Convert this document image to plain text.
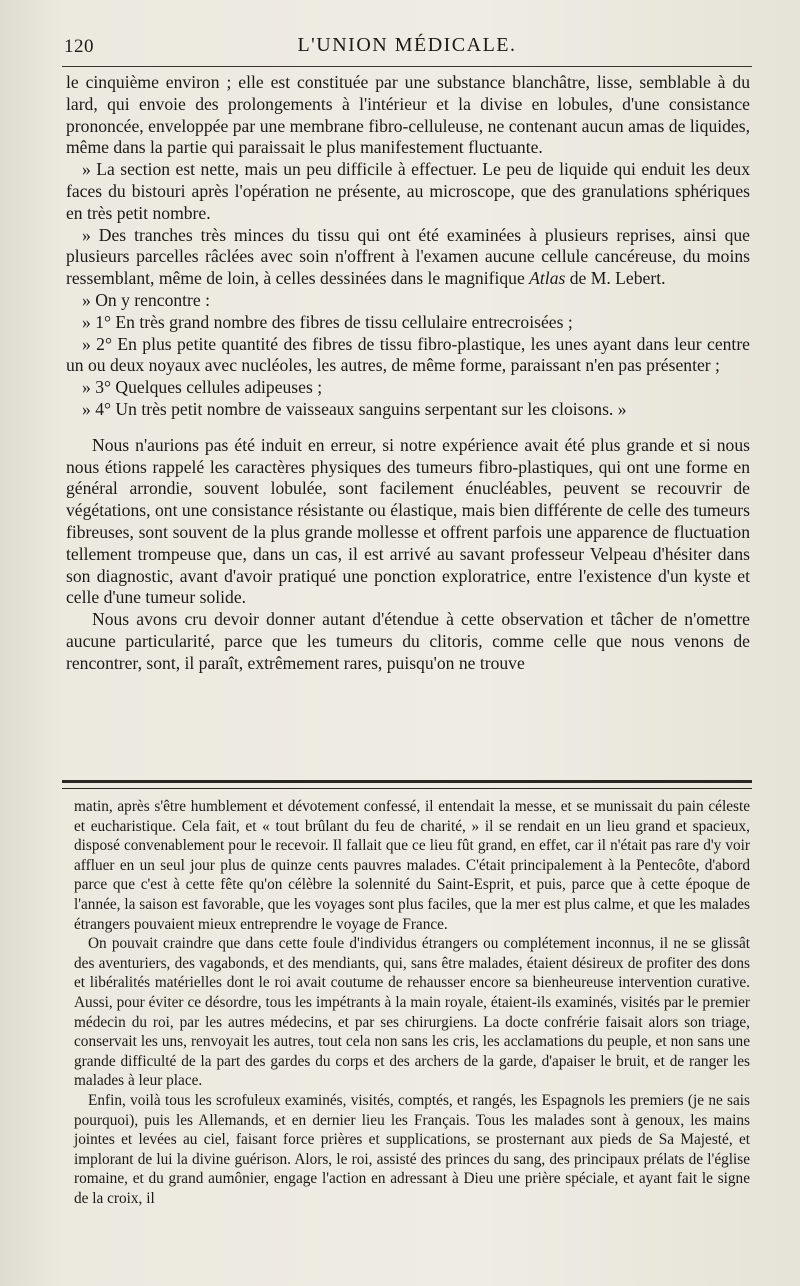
120	L'UNION MÉDICALE.

le cinquième environ ; elle est constituée par une substance blanchâtre, lisse, semblable à du lard, qui envoie des prolongements à l'intérieur et la divise en lobules, d'une consistance prononcée, enveloppée par une membrane fibro-celluleuse, ne contenant aucun amas de liquides, même dans la partie qui paraissait le plus manifestement fluctuante.

» La section est nette, mais un peu difficile à effectuer. Le peu de liquide qui enduit les deux faces du bistouri après l'opération ne présente, au microscope, que des granulations sphériques en très petit nombre.

» Des tranches très minces du tissu qui ont été examinées à plusieurs reprises, ainsi que plusieurs parcelles râclées avec soin n'offrent à l'examen aucune cellule cancéreuse, du moins ressemblant, même de loin, à celles dessinées dans le magnifique Atlas de M. Lebert.

» On y rencontre :

» 1° En très grand nombre des fibres de tissu cellulaire entrecroisées ;

» 2° En plus petite quantité des fibres de tissu fibro-plastique, les unes ayant dans leur centre un ou deux noyaux avec nucléoles, les autres, de même forme, paraissant n'en pas présenter ;

» 3° Quelques cellules adipeuses ;

» 4° Un très petit nombre de vaisseaux sanguins serpentant sur les cloisons. »

Nous n'aurions pas été induit en erreur, si notre expérience avait été plus grande et si nous nous étions rappelé les caractères physiques des tumeurs fibro-plastiques, qui ont une forme en général arrondie, souvent lobulée, sont facilement énucléables, peuvent se recouvrir de végétations, ont une consistance résistante ou élastique, mais bien différente de celle des tumeurs fibreuses, sont souvent de la plus grande mollesse et offrent parfois une apparence de fluctuation tellement trompeuse que, dans un cas, il est arrivé au savant professeur Velpeau d'hésiter dans son diagnostic, avant d'avoir pratiqué une ponction exploratrice, entre l'existence d'un kyste et celle d'une tumeur solide.

Nous avons cru devoir donner autant d'étendue à cette observation et tâcher de n'omettre aucune particularité, parce que les tumeurs du clitoris, comme celle que nous venons de rencontrer, sont, il paraît, extrêmement rares, puisqu'on ne trouve

matin, après s'être humblement et dévotement confessé, il entendait la messe, et se munissait du pain céleste et eucharistique. Cela fait, et « tout brûlant du feu de charité, » il se rendait en un lieu grand et spacieux, disposé convenablement pour le recevoir. Il fallait que ce lieu fût grand, en effet, car il n'était pas rare d'y voir affluer en un seul jour plus de quinze cents pauvres malades. C'était principalement à la Pentecôte, d'abord parce que c'est à cette fête qu'on célèbre la solennité du Saint-Esprit, et puis, parce que à cette époque de l'année, la saison est favorable, que les voyages sont plus faciles, que la mer est plus calme, et que les malades étrangers pouvaient mieux entreprendre le voyage de France.

On pouvait craindre que dans cette foule d'individus étrangers ou complétement inconnus, il ne se glissât des aventuriers, des vagabonds, et des mendiants, qui, sans être malades, étaient désireux de profiter des dons et libéralités matérielles dont le roi avait coutume de rehausser encore sa bienheureuse intervention curative. Aussi, pour éviter ce désordre, tous les impétrants à la main royale, étaient-ils examinés, visités par le premier médecin du roi, par les autres médecins, et par ses chirurgiens. La docte confrérie faisait alors son triage, conservait les uns, renvoyait les autres, tout cela non sans les cris, les acclamations du peuple, et non sans une grande difficulté de la part des gardes du corps et des archers de la garde, d'apaiser le bruit, et de ranger les malades à leur place.

Enfin, voilà tous les scrofuleux examinés, visités, comptés, et rangés, les Espagnols les premiers (je ne sais pourquoi), puis les Allemands, et en dernier lieu les Français. Tous les malades sont à genoux, les mains jointes et levées au ciel, faisant force prières et supplications, se prosternant aux pieds de Sa Majesté, et implorant de lui la divine guérison. Alors, le roi, assisté des princes du sang, des principaux prélats de l'église romaine, et du grand aumônier, engage l'action en adressant à Dieu une prière spéciale, et ayant fait le signe de la croix, il
